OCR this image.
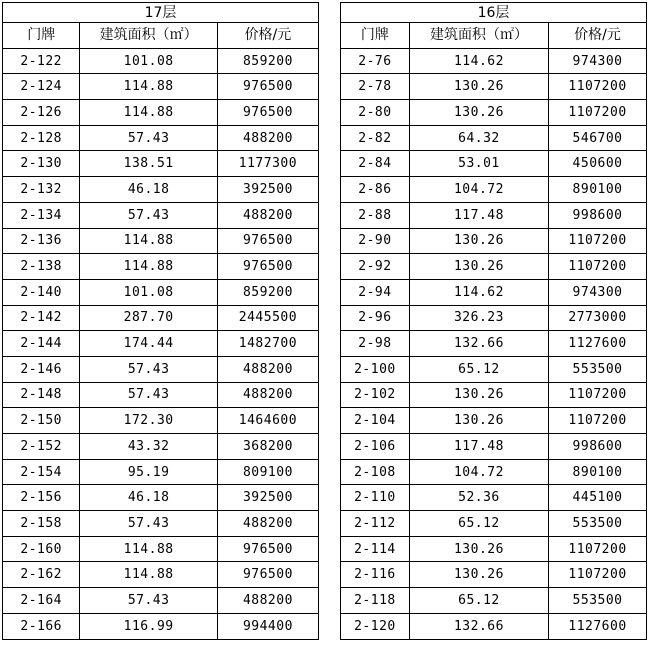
17层		
门牌	建筑面积（㎡）	价格/元
2-122	101.08	859200
2-124	114.88	976500
2-126	114.88	976500
2-128	57.43	488200
2-130	138.51	1177300
2-132	46.18	392500
2-134	57.43	488200
2-136	114.88	976500
2-138	114.88	976500
2-140	101.08	859200
2-142	287.70	2445500
2-144	174.44	1482700
2-146	57.43	488200
2-148	57.43	488200
2-150	172.30	1464600
2-152	43.32	368200
2-154	95.19	809100
2-156	46.18	392500
2-158	57.43	488200
2-160	114.88	976500
2-162	114.88	976500
2-164	57.43	488200
2-166	116.99	994400
16层		
门牌	建筑面积（㎡）	价格/元
2-76	114.62	974300
2-78	130.26	1107200
2-80	130.26	1107200
2-82	64.32	546700
2-84	53.01	450600
2-86	104.72	890100
2-88	117.48	998600
2-90	130.26	1107200
2-92	130.26	1107200
2-94	114.62	974300
2-96	326.23	2773000
2-98	132.66	1127600
2-100	65.12	553500
2-102	130.26	1107200
2-104	130.26	1107200
2-106	117.48	998600
2-108	104.72	890100
2-110	52.36	445100
2-112	65.12	553500
2-114	130.26	1107200
2-116	130.26	1107200
2-118	65.12	553500
2-120	132.66	1127600
